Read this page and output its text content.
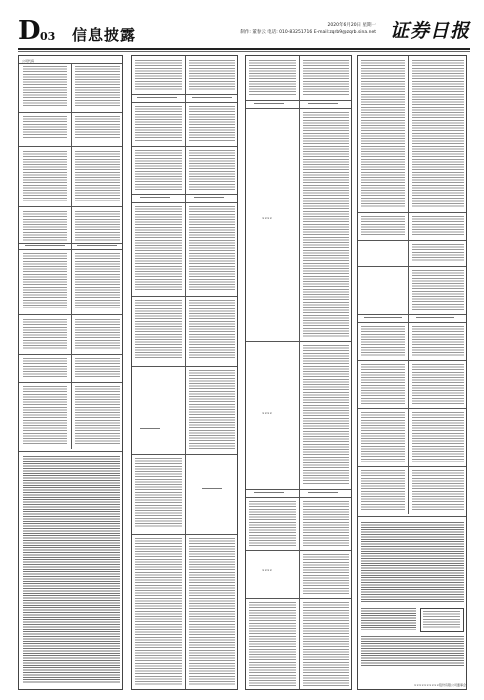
D 03 信息披露
2020年6月20日 星期一
制作: 董春云 电话: 010-83251716 E-mail:zqrb9@zqrb.sina.net 证券日报
公司代码
××××
××××
××××
××××××××××股份有限公司董事会
